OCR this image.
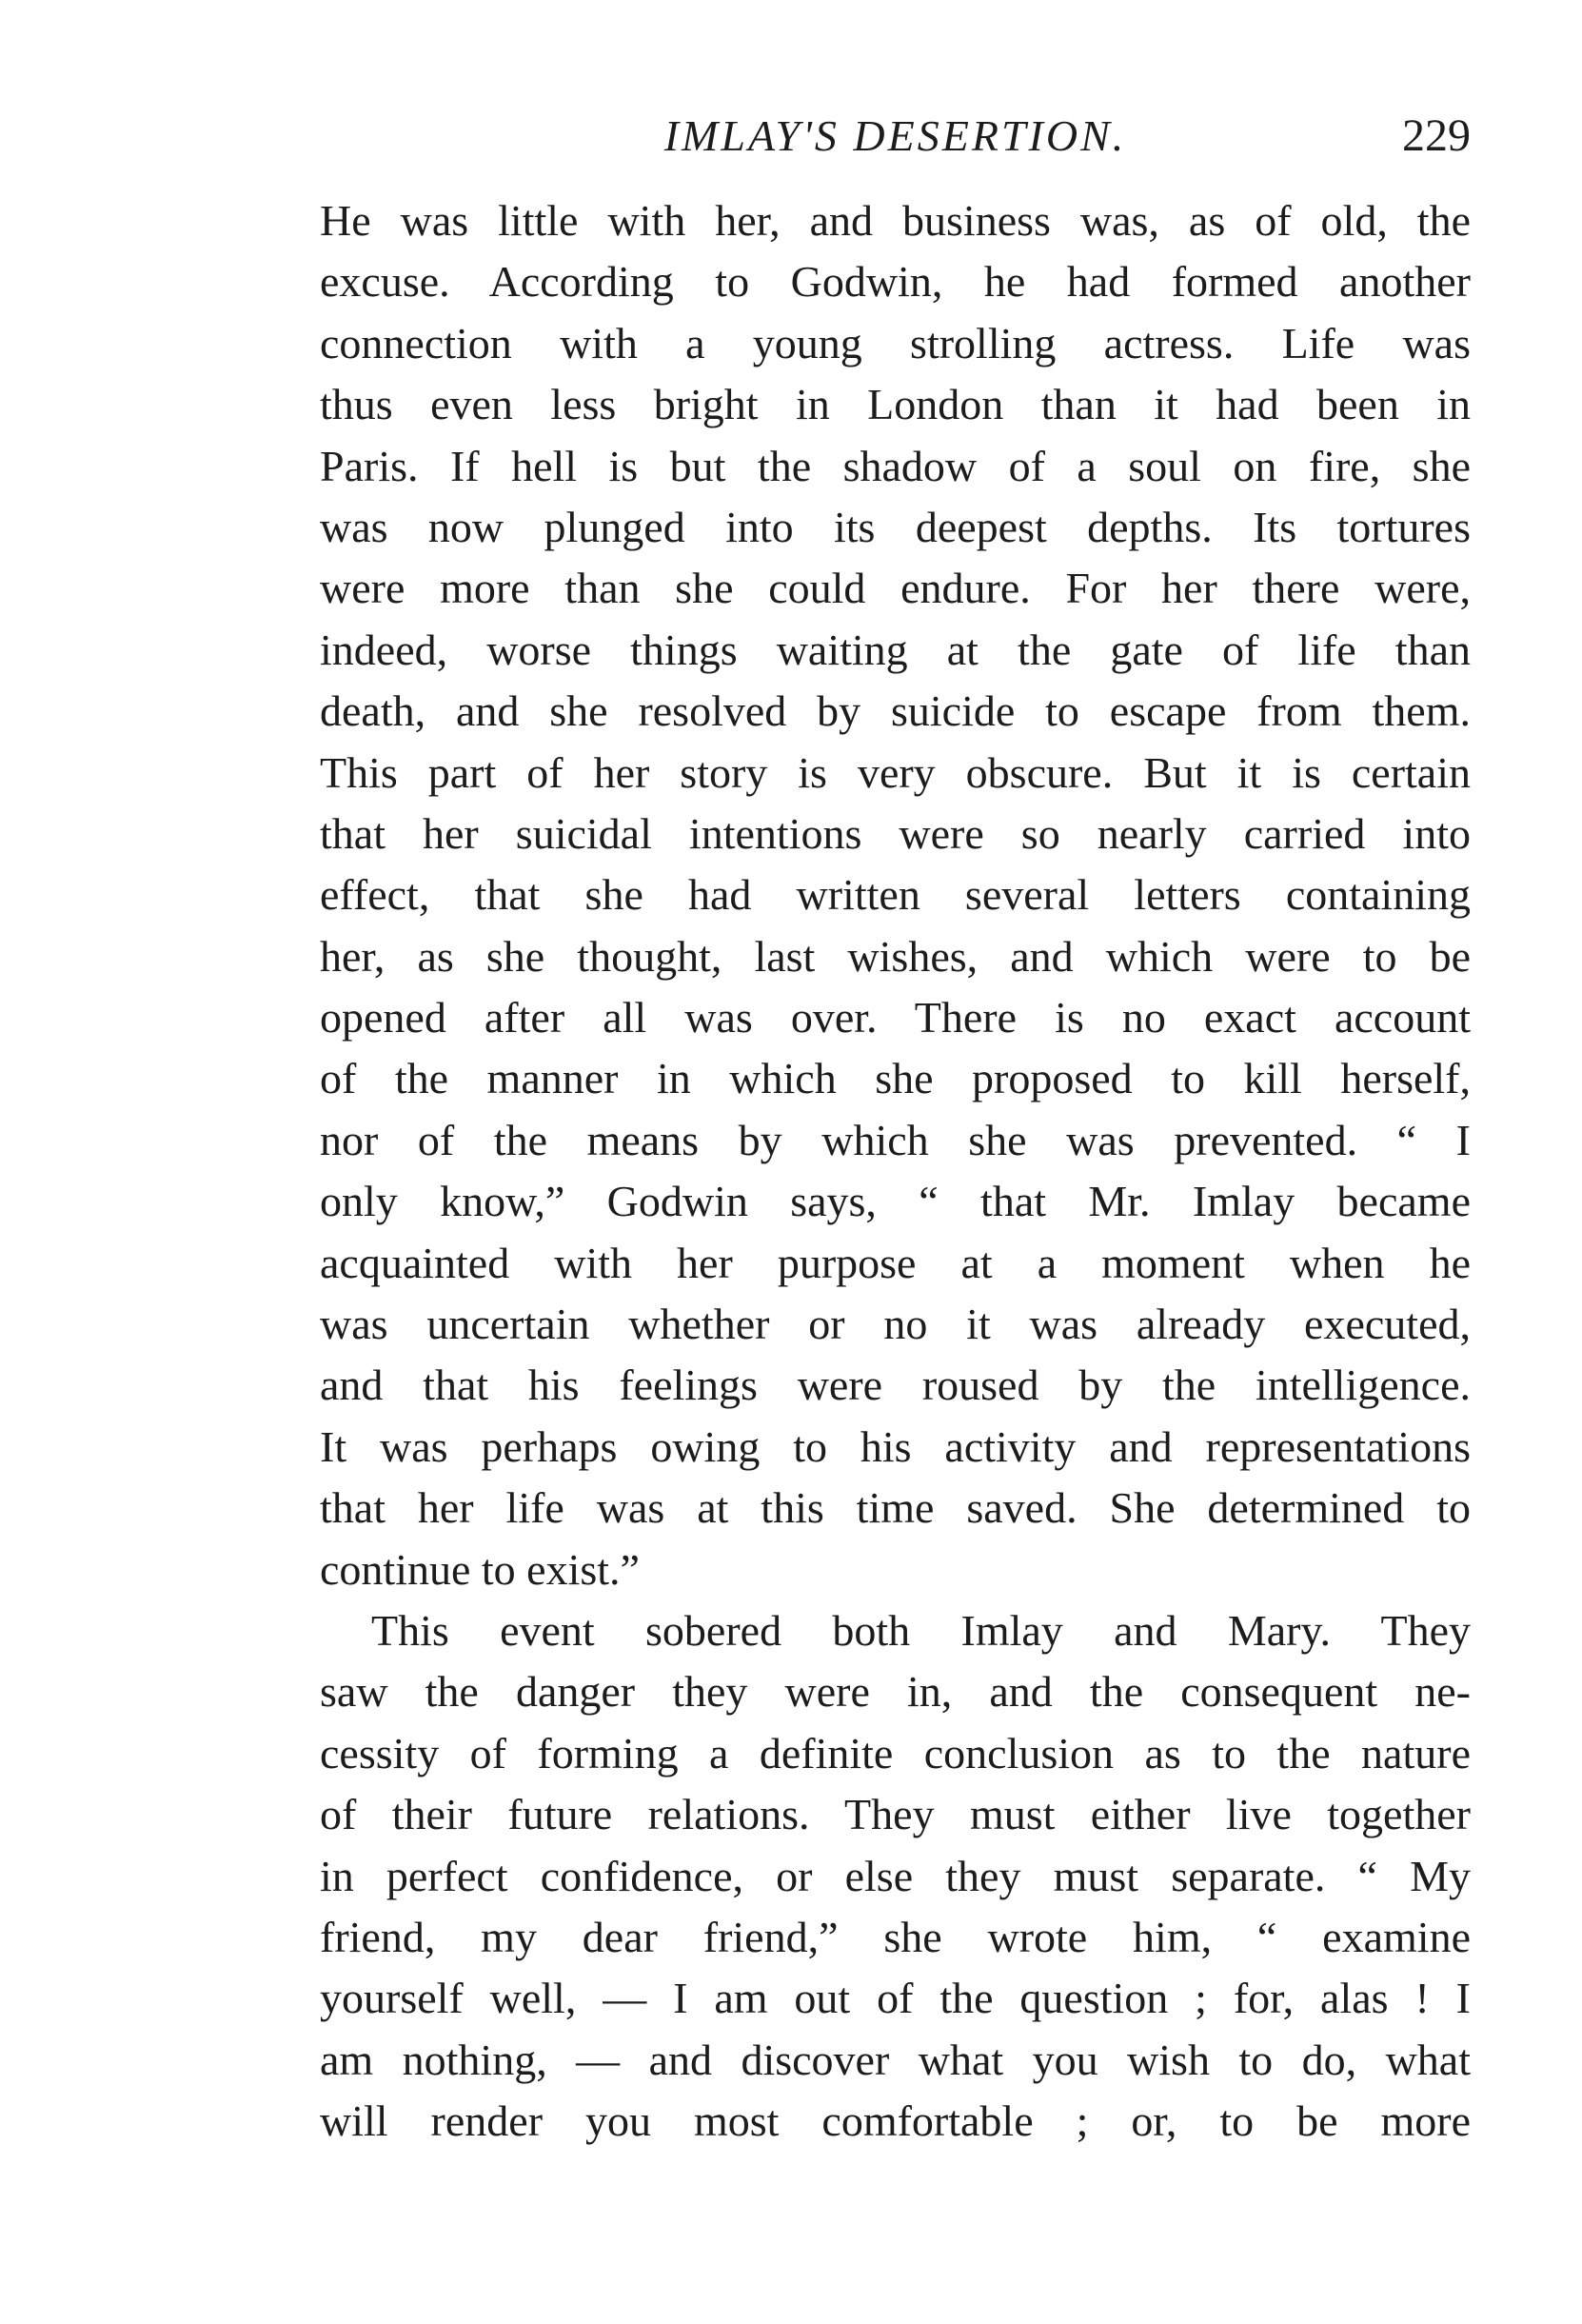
IMLAY'S DESERTION.	229
He was little with her, and business was, as of old, the
excuse. According to Godwin, he had formed another
connection with a young strolling actress. Life was
thus even less bright in London than it had been in
Paris. If hell is but the shadow of a soul on fire, she
was now plunged into its deepest depths. Its tortures
were more than she could endure. For her there were,
indeed, worse things waiting at the gate of life than
death, and she resolved by suicide to escape from them.
This part of her story is very obscure. But it is certain
that her suicidal intentions were so nearly carried into
effect, that she had written several letters containing
her, as she thought, last wishes, and which were to be
opened after all was over. There is no exact account
of the manner in which she proposed to kill herself,
nor of the means by which she was prevented. “ I
only know,” Godwin says, “ that Mr. Imlay became
acquainted with her purpose at a moment when he
was uncertain whether or no it was already executed,
and that his feelings were roused by the intelligence.
It was perhaps owing to his activity and representations
that her life was at this time saved. She determined to
continue to exist.”
This event sobered both Imlay and Mary. They
saw the danger they were in, and the consequent ne-
cessity of forming a definite conclusion as to the nature
of their future relations. They must either live together
in perfect confidence, or else they must separate. “ My
friend, my dear friend,” she wrote him, “ examine
yourself well, — I am out of the question ; for, alas ! I
am nothing, — and discover what you wish to do, what
will render you most comfortable ; or, to be more
